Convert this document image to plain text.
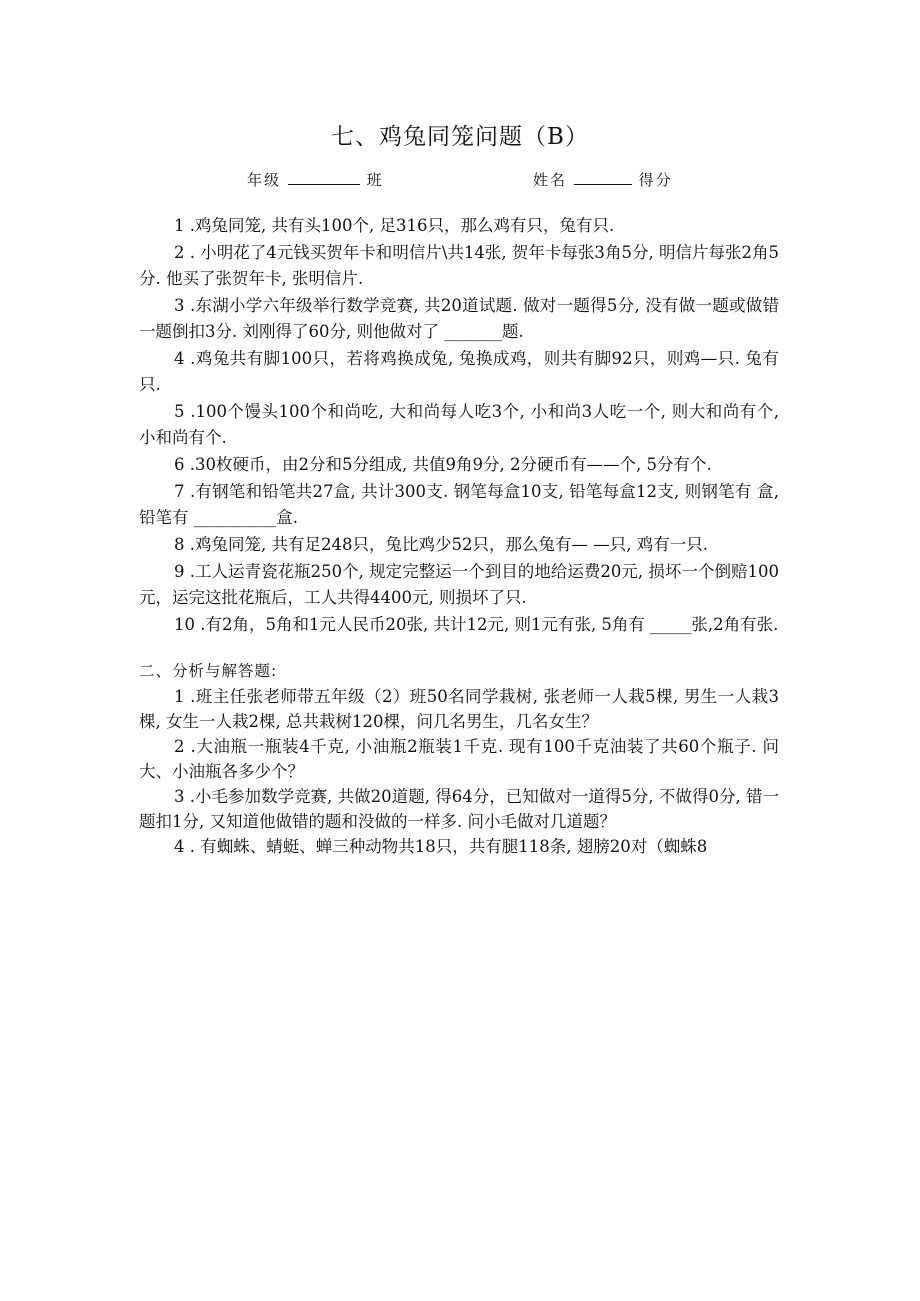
七、鸡兔同笼问题（B）
年级	班	姓名	得分

1 .鸡兔同笼, 共有头100个, 足316只，那么鸡有只，兔有只.

2 . 小明花了4元钱买贺年卡和明信片\共14张, 贺年卡每张3角5分, 明信片每张2角5分. 他买了张贺年卡, 张明信片.

3 .东湖小学六年级举行数学竞赛, 共20道试题. 做对一题得5分, 没有做一题或做错一题倒扣3分. 刘刚得了60分, 则他做对了 _______题.

4 .鸡兔共有脚100只，若将鸡换成兔, 兔换成鸡，则共有脚92只，则鸡—只. 兔有只.

5 .100个馒头100个和尚吃, 大和尚每人吃3个, 小和尚3人吃一个, 则大和尚有个, 小和尚有个.

6 .30枚硬币，由2分和5分组成, 共值9角9分, 2分硬币有——个, 5分有个.

7 .有钢笔和铅笔共27盒, 共计300支. 钢笔每盒10支, 铅笔每盒12支, 则钢笔有 盒, 铅笔有 __________盒.

8 .鸡兔同笼, 共有足248只，兔比鸡少52只，那么兔有— —只, 鸡有一只.

9 .工人运青瓷花瓶250个, 规定完整运一个到目的地给运费20元, 损坏一个倒赔100元，运完这批花瓶后，工人共得4400元, 则损坏了只.

10 .有2角，5角和1元人民币20张, 共计12元, 则1元有张, 5角有 _____张,2角有张.

二、分析与解答题:

1 .班主任张老师带五年级（2）班50名同学栽树, 张老师一人栽5棵, 男生一人栽3棵, 女生一人栽2棵, 总共栽树120棵，问几名男生，几名女生？

2 .大油瓶一瓶装4千克, 小油瓶2瓶装1千克. 现有100千克油装了共60个瓶子. 问大、小油瓶各多少个？

3 .小毛参加数学竞赛, 共做20道题, 得64分，已知做对一道得5分, 不做得0分, 错一题扣1分, 又知道他做错的题和没做的一样多. 问小毛做对几道题？

4 . 有蜘蛛、蜻蜓、蝉三种动物共18只，共有腿118条, 翅膀20对（蜘蛛8
